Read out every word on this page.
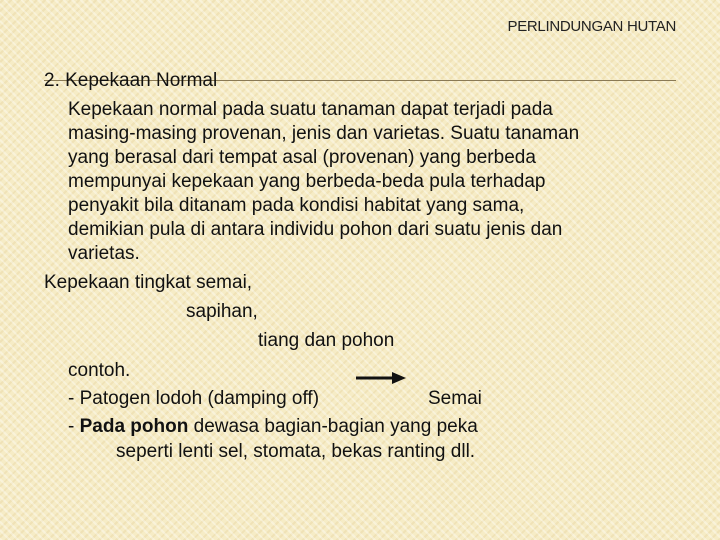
PERLINDUNGAN HUTAN
2. Kepekaan Normal
Kepekaan normal pada suatu tanaman dapat terjadi pada
masing-masing provenan, jenis dan varietas. Suatu tanaman
yang berasal dari tempat asal (provenan) yang berbeda
mempunyai kepekaan yang berbeda-beda pula terhadap
penyakit bila ditanam pada kondisi habitat yang sama,
demikian pula di antara individu pohon dari suatu jenis dan
varietas.
Kepekaan tingkat semai,
sapihan,
tiang dan pohon
contoh.
- Patogen lodoh (damping off)	Semai
- Pada pohon dewasa bagian-bagian yang peka
seperti lenti sel, stomata, bekas ranting dll.
